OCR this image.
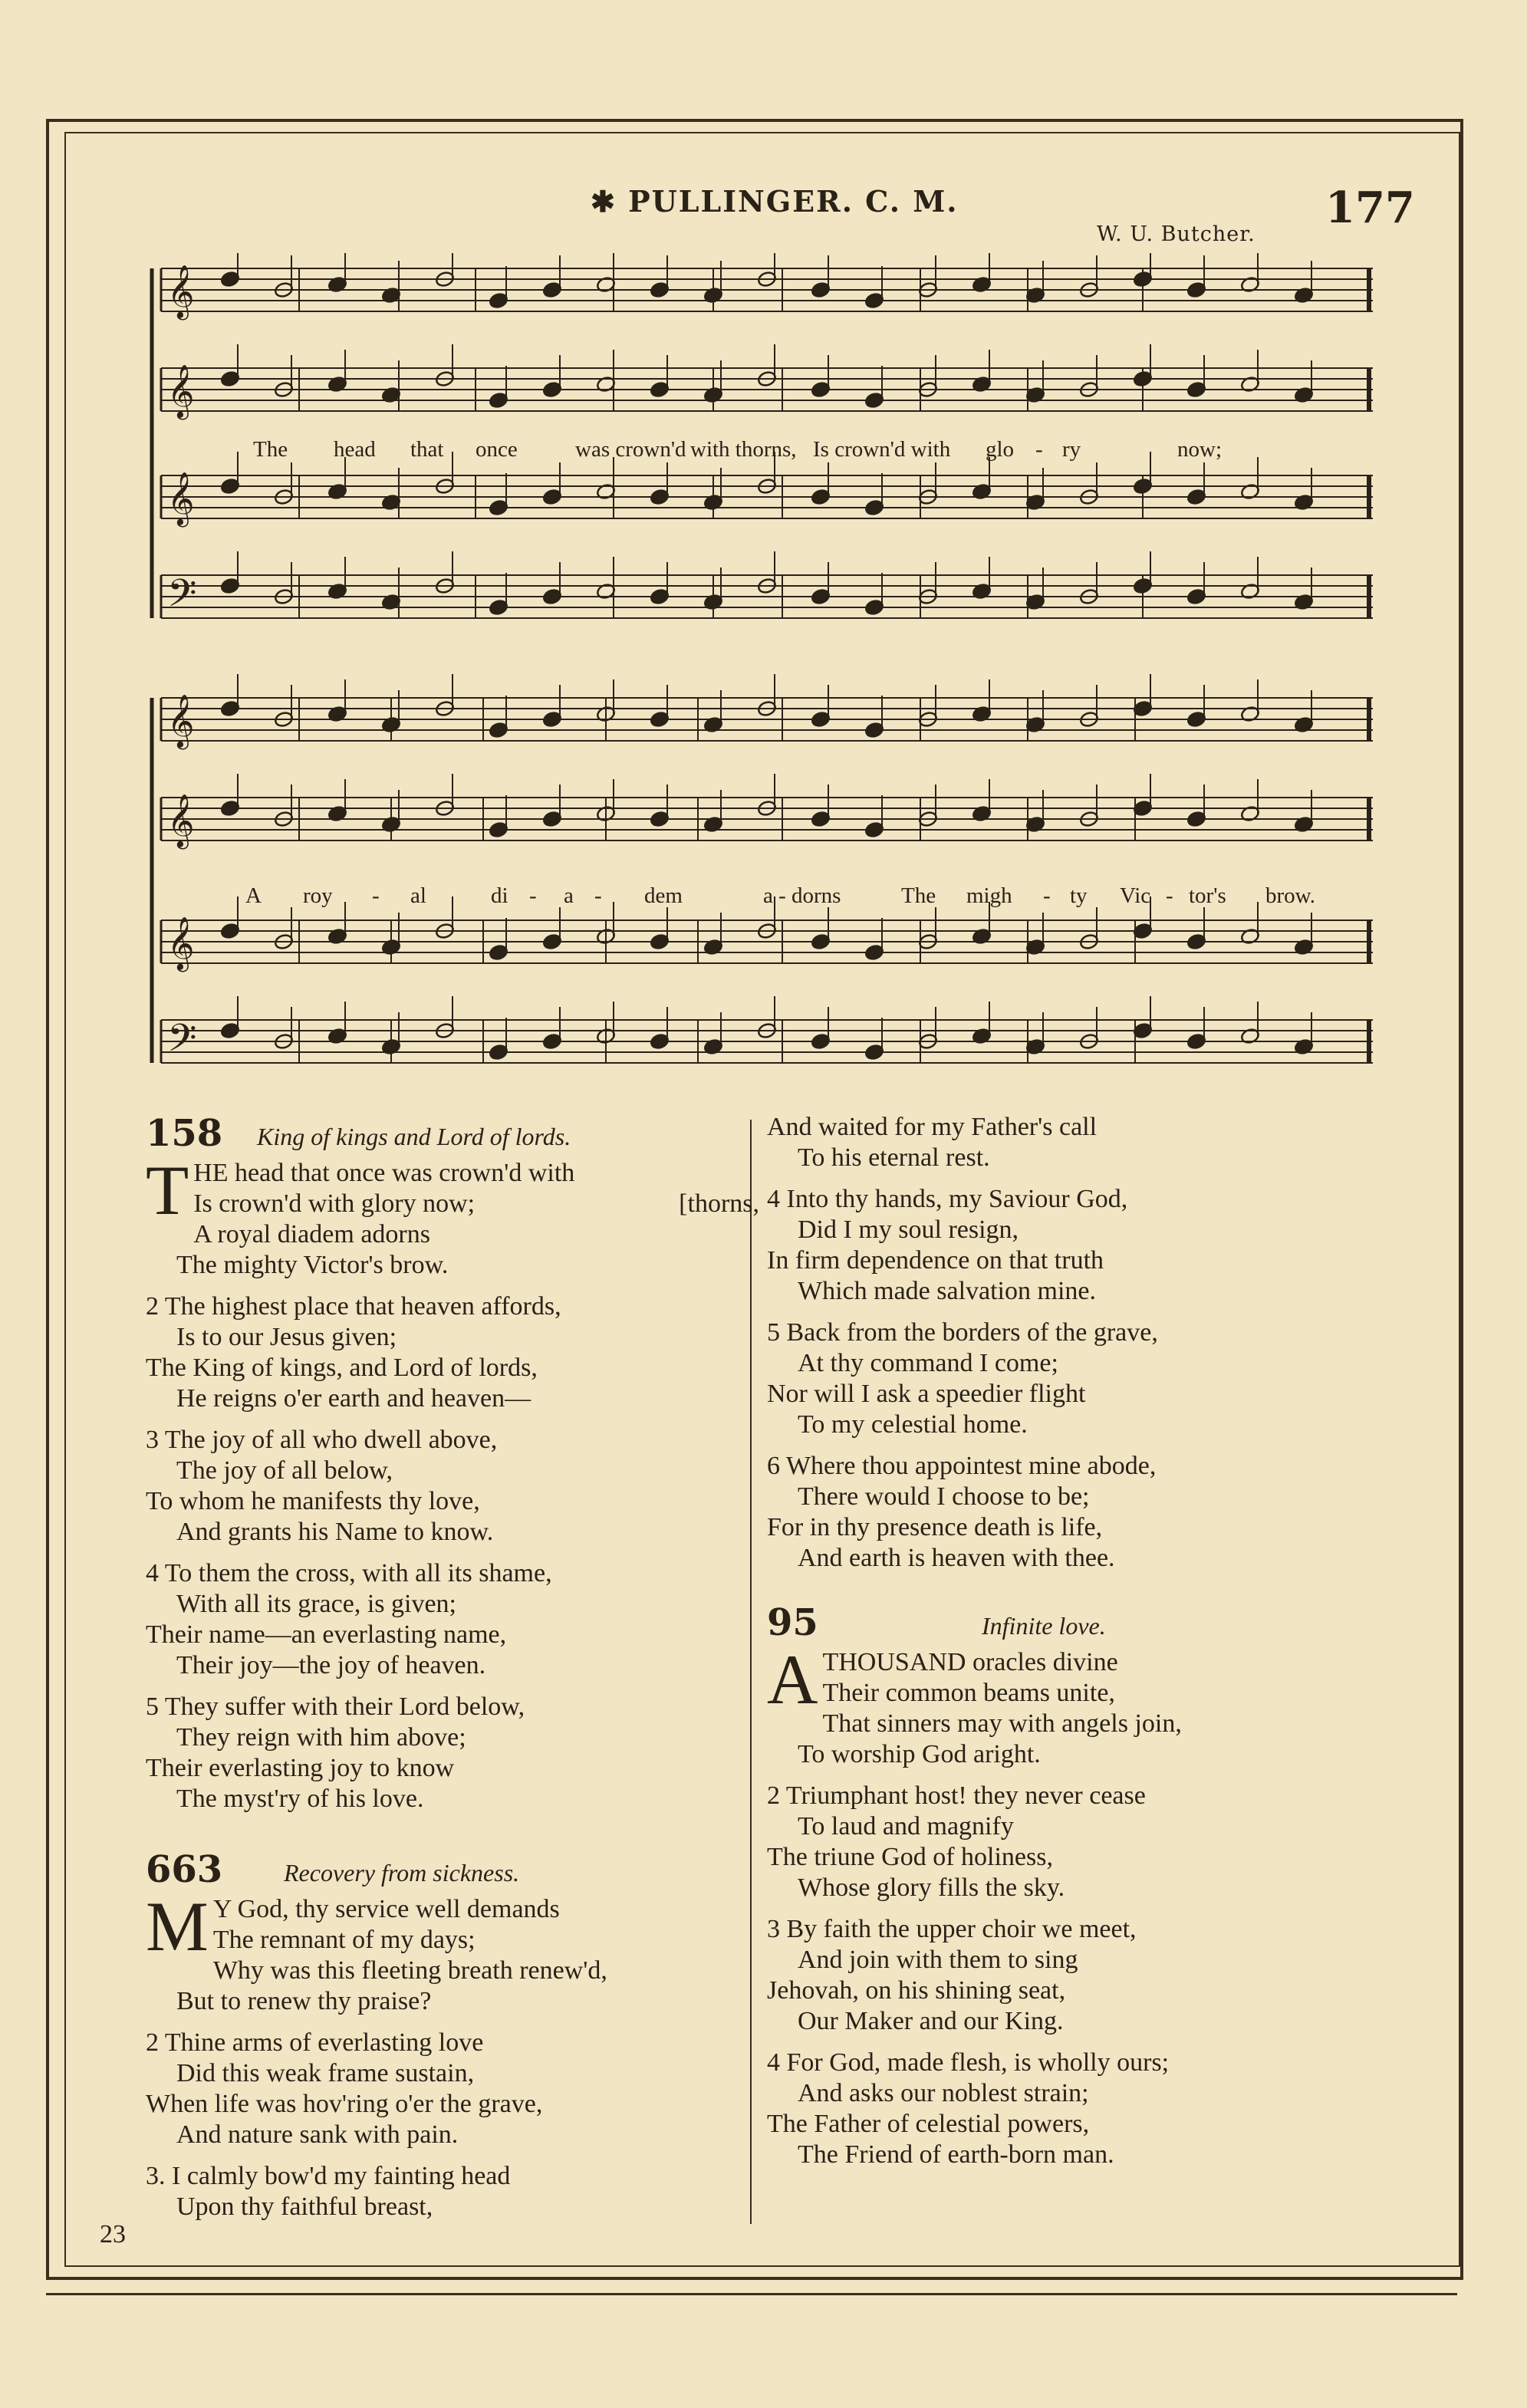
✱ PULLINGER. C. M.
W. U. Butcher.
177
𝄞
𝄞
𝄞
𝄢
𝄞
𝄞
𝄞
𝄢
The head that once	was crown'd with thorns, Is crown'd with glo - ry	now;
A roy - al	di - a - dem	a - dorns	The migh - ty Vic - tor's brow.
158 King of kings and Lord of lords.
T HE head that once was crown'd with
Is crown'd with glory now;	[thorns,
A royal diadem adorns
The mighty Victor's brow.
2 The highest place that heaven affords,
Is to our Jesus given;
The King of kings, and Lord of lords,
He reigns o'er earth and heaven—
3 The joy of all who dwell above,
The joy of all below,
To whom he manifests thy love,
And grants his Name to know.
4 To them the cross, with all its shame,
With all its grace, is given;
Their name—an everlasting name,
Their joy—the joy of heaven.
5 They suffer with their Lord below,
They reign with him above;
Their everlasting joy to know
The myst'ry of his love.
663 Recovery from sickness.
M Y God, thy service well demands
The remnant of my days;
Why was this fleeting breath renew'd,
But to renew thy praise?
2 Thine arms of everlasting love
Did this weak frame sustain,
When life was hov'ring o'er the grave,
And nature sank with pain.
3. I calmly bow'd my fainting head
Upon thy faithful breast,
23
And waited for my Father's call
To his eternal rest.
4 Into thy hands, my Saviour God,
Did I my soul resign,
In firm dependence on that truth
Which made salvation mine.
5 Back from the borders of the grave,
At thy command I come;
Nor will I ask a speedier flight
To my celestial home.
6 Where thou appointest mine abode,
There would I choose to be;
For in thy presence death is life,
And earth is heaven with thee.
95	Infinite love.
A THOUSAND oracles divine
Their common beams unite,
That sinners may with angels join,
To worship God aright.
2 Triumphant host! they never cease
To laud and magnify
The triune God of holiness,
Whose glory fills the sky.
3 By faith the upper choir we meet,
And join with them to sing
Jehovah, on his shining seat,
Our Maker and our King.
4 For God, made flesh, is wholly ours;
And asks our noblest strain;
The Father of celestial powers,
The Friend of earth-born man.
